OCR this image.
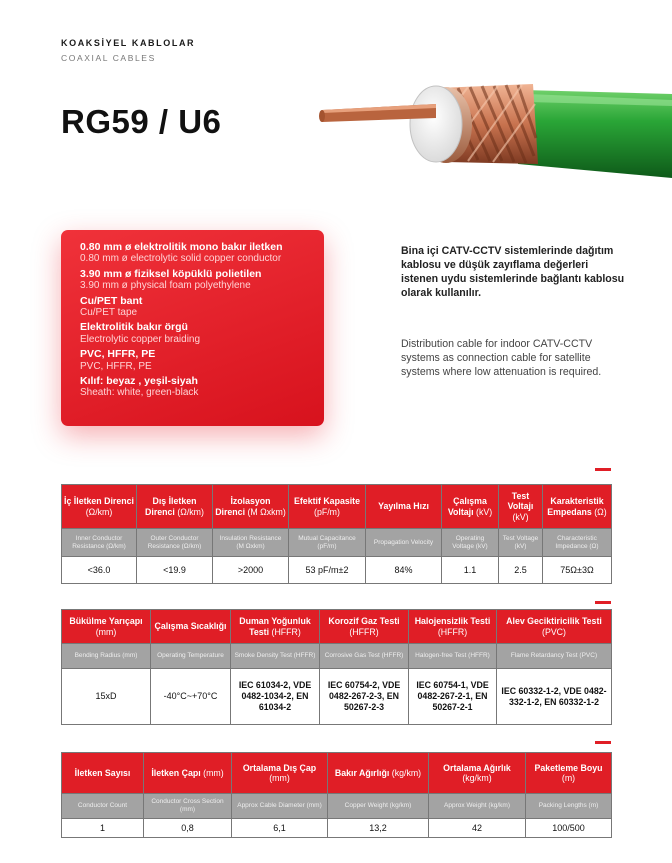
KOAKSİYEL KABLOLAR
COAXIAL CABLES
RG59 / U6
0.80 mm ø elektrolitik mono bakır iletken
0.80 mm ø electrolytic solid copper conductor
3.90 mm ø fiziksel köpüklü polietilen
3.90 mm ø physical foam polyethylene
Cu/PET bant
Cu/PET tape
Elektrolitik bakır örgü
Electrolytic copper braiding
PVC, HFFR, PE
PVC, HFFR, PE
Kılıf: beyaz , yeşil-siyah
Sheath: white, green-black

Bina içi CATV-CCTV sistemlerinde dağıtım kablosu ve düşük zayıflama değerleri istenen uydu sistemlerinde bağlantı kablosu olarak kullanılır.

Distribution cable for indoor CATV-CCTV systems as connection cable for satellite systems where low attenuation is required.

İç İletken Direnci (Ω/km)	Dış İletken Direnci (Ω/km)	İzolasyon Direnci (M Ωxkm)	Efektif Kapasite (pF/m)	Yayılma Hızı	Çalışma Voltajı (kV)	Test Voltajı (kV)	Karakteristik Empedans (Ω)
Inner Conductor Resistance (Ω/km)	Outer Conductor Resistance (Ω/km)	Insulation Resistance (M Ωxkm)	Mutual Capacitance (pF/m)	Propagation Velocity	Operating Voltage (kV)	Test Voltage (kV)	Characteristic Impedance (Ω)
<36.0	<19.9	>2000	53 pF/m±2	84%	1.1	2.5	75Ω±3Ω
Bükülme Yarıçapı (mm)	Çalışma Sıcaklığı	Duman Yoğunluk Testi (HFFR)	Korozif Gaz Testi (HFFR)	Halojensizlik Testi (HFFR)	Alev Geciktiricilik Testi (PVC)
Bending Radius (mm)	Operating Temperature	Smoke Density Test (HFFR)	Corrosive Gas Test (HFFR)	Halogen-free Test (HFFR)	Flame Retardancy Test (PVC)
15xD	-40°C~+70°C	IEC 61034-2, VDE 0482-1034-2, EN 61034-2	IEC 60754-2, VDE 0482-267-2-3, EN 50267-2-3	IEC 60754-1, VDE 0482-267-2-1, EN 50267-2-1	IEC 60332-1-2, VDE 0482-332-1-2, EN 60332-1-2
İletken Sayısı	İletken Çapı (mm)	Ortalama Dış Çap (mm)	Bakır Ağırlığı (kg/km)	Ortalama Ağırlık (kg/km)	Paketleme Boyu (m)
Conductor Count	Conductor Cross Section (mm)	Approx Cable Diameter (mm)	Copper Weight (kg/km)	Approx Weight (kg/km)	Packing Lengths (m)
1	0,8	6,1	13,2	42	100/500
